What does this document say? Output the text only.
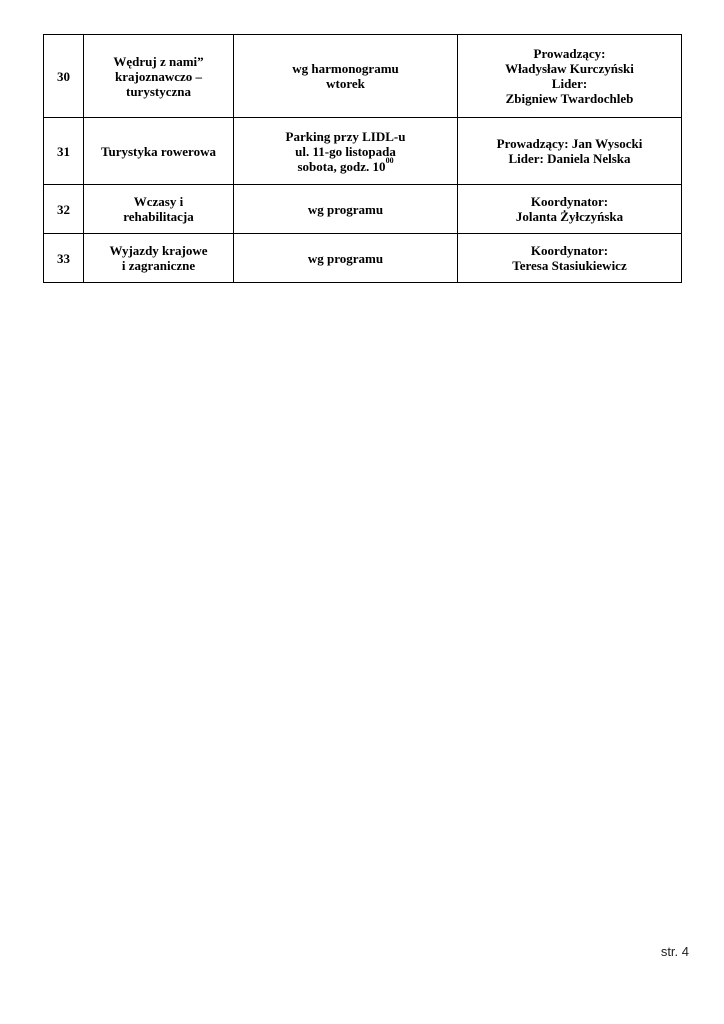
30	Wędruj z nami”
krajoznawczo –
turystyczna	wg harmonogramu
wtorek	Prowadzący:
Władysław Kurczyński
Lider:
Zbigniew Twardochleb

31	Turystyka rowerowa	Parking przy LIDL-u
ul. 11-go listopada
sobota, godz. $10^{00}$	Prowadzący: Jan Wysocki
Lider: Daniela Nelska

32	Wczasy i
rehabilitacja	wg programu	Koordynator:
Jolanta Żyłczyńska

33	Wyjazdy krajowe
i zagraniczne	wg programu	Koordynator:
Teresa Stasiukiewicz
str. 4
